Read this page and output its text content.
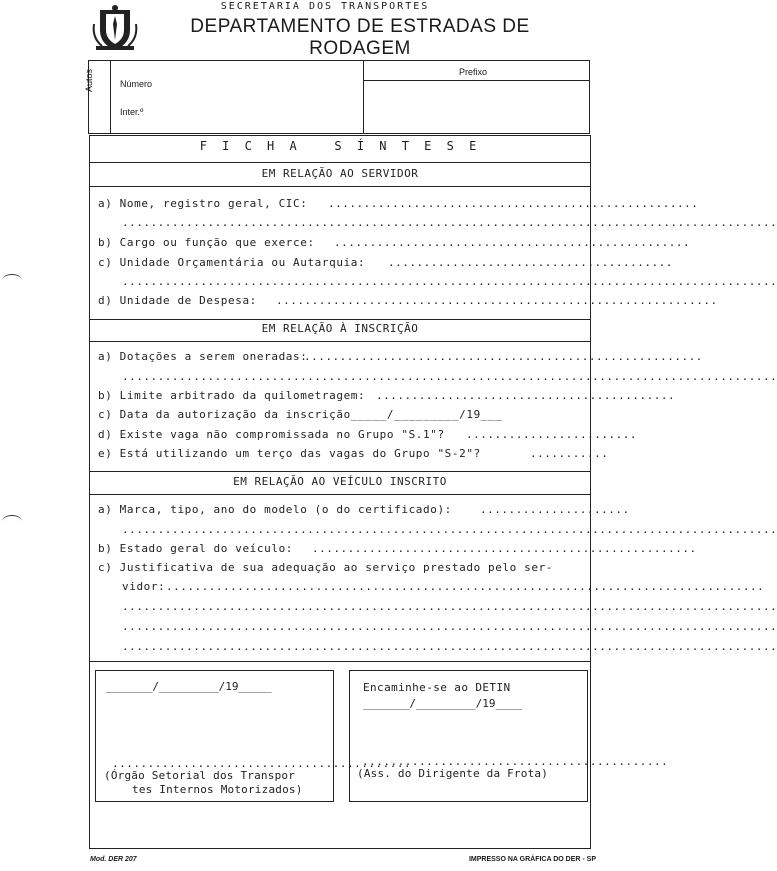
SECRETARIA DOS TRANSPORTES
DEPARTAMENTO DE ESTRADAS DE RODAGEM
Autos	Número
Inter.º
Prefixo
F I C H A   S Í N T E S E
EM RELAÇÃO AO SERVIDOR
a) Nome, registro geral, CIC: ....................................................
............................................................................................
b) Cargo ou função que exerce: ..................................................
c) Unidade Orçamentária ou Autarquia: ........................................
............................................................................................
d) Unidade de Despesa: ..............................................................
EM RELAÇÃO À INSCRIÇÃO
a) Dotações a serem oneradas:
........................................................
............................................................................................
b) Limite arbitrado da quilometragem: ..........................................
c) Data da autorização da inscrição_____/_________/19___
d) Existe vaga não compromissada no Grupo "S.1"? ........................
e) Está utilizando um terço das vagas do Grupo "S-2"?	...........
EM RELAÇÃO AO VEÍCULO INSCRITO
a) Marca, tipo, ano do modelo (o do certificado):	.....................
............................................................................................
b) Estado geral do veículo: ......................................................
c) Justificativa de sua adequação ao serviço prestado pelo ser-
vidor: ....................................................................................
............................................................................................
............................................................................................
............................................................................................
_______/_________/19_____
..........................................
(Órgão Setorial dos Transpor
tes Internos Motorizados)
Encaminhe-se ao DETIN
_______/_________/19____
...........................................
(Ass. do Dirigente da Frota)
Mod. DER 207	IMPRESSO NA GRÁFICA DO DER - SP
